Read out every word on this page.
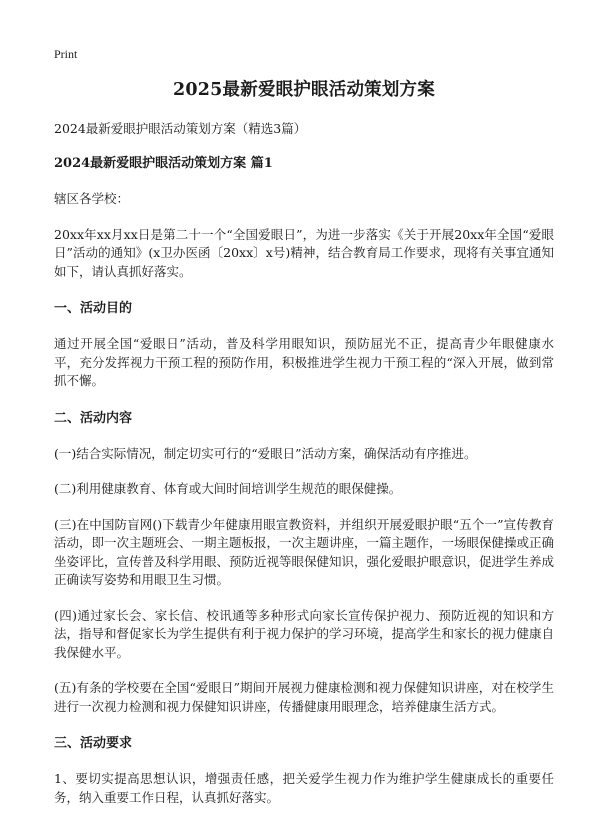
Print
2025最新爱眼护眼活动策划方案
2024最新爱眼护眼活动策划方案（精选3篇）
2024最新爱眼护眼活动策划方案 篇1
辖区各学校：
20xx年xx月xx日是第二十一个“全国爱眼日”，为进一步落实《关于开展20xx年全国“爱眼日”活动的通知》(x卫办医函〔20xx〕x号)精神，结合教育局工作要求，现将有关事宜通知如下，请认真抓好落实。
一、活动目的
通过开展全国“爱眼日”活动，普及科学用眼知识，预防屈光不正，提高青少年眼健康水平，充分发挥视力干预工程的预防作用，积极推进学生视力干预工程的“深入开展，做到常抓不懈。
二、活动内容
(一)结合实际情况，制定切实可行的“爱眼日”活动方案，确保活动有序推进。
(二)利用健康教育、体育或大间时间培训学生规范的眼保健操。
(三)在中国防盲网()下载青少年健康用眼宣教资料，并组织开展爱眼护眼“五个一”宣传教育活动，即一次主题班会、一期主题板报，一次主题讲座，一篇主题作，一场眼保健操或正确坐姿评比，宣传普及科学用眼、预防近视等眼保健知识，强化爱眼护眼意识，促进学生养成正确读写姿势和用眼卫生习惯。
(四)通过家长会、家长信、校讯通等多种形式向家长宣传保护视力、预防近视的知识和方法，指导和督促家长为学生提供有利于视力保护的学习环境，提高学生和家长的视力健康自我保健水平。
(五)有条的学校要在全国“爱眼日”期间开展视力健康检测和视力保健知识讲座，对在校学生进行一次视力检测和视力保健知识讲座，传播健康用眼理念，培养健康生活方式。
三、活动要求
1、要切实提高思想认识，增强责任感，把关爱学生视力作为维护学生健康成长的重要任务，纳入重要工作日程，认真抓好落实。
